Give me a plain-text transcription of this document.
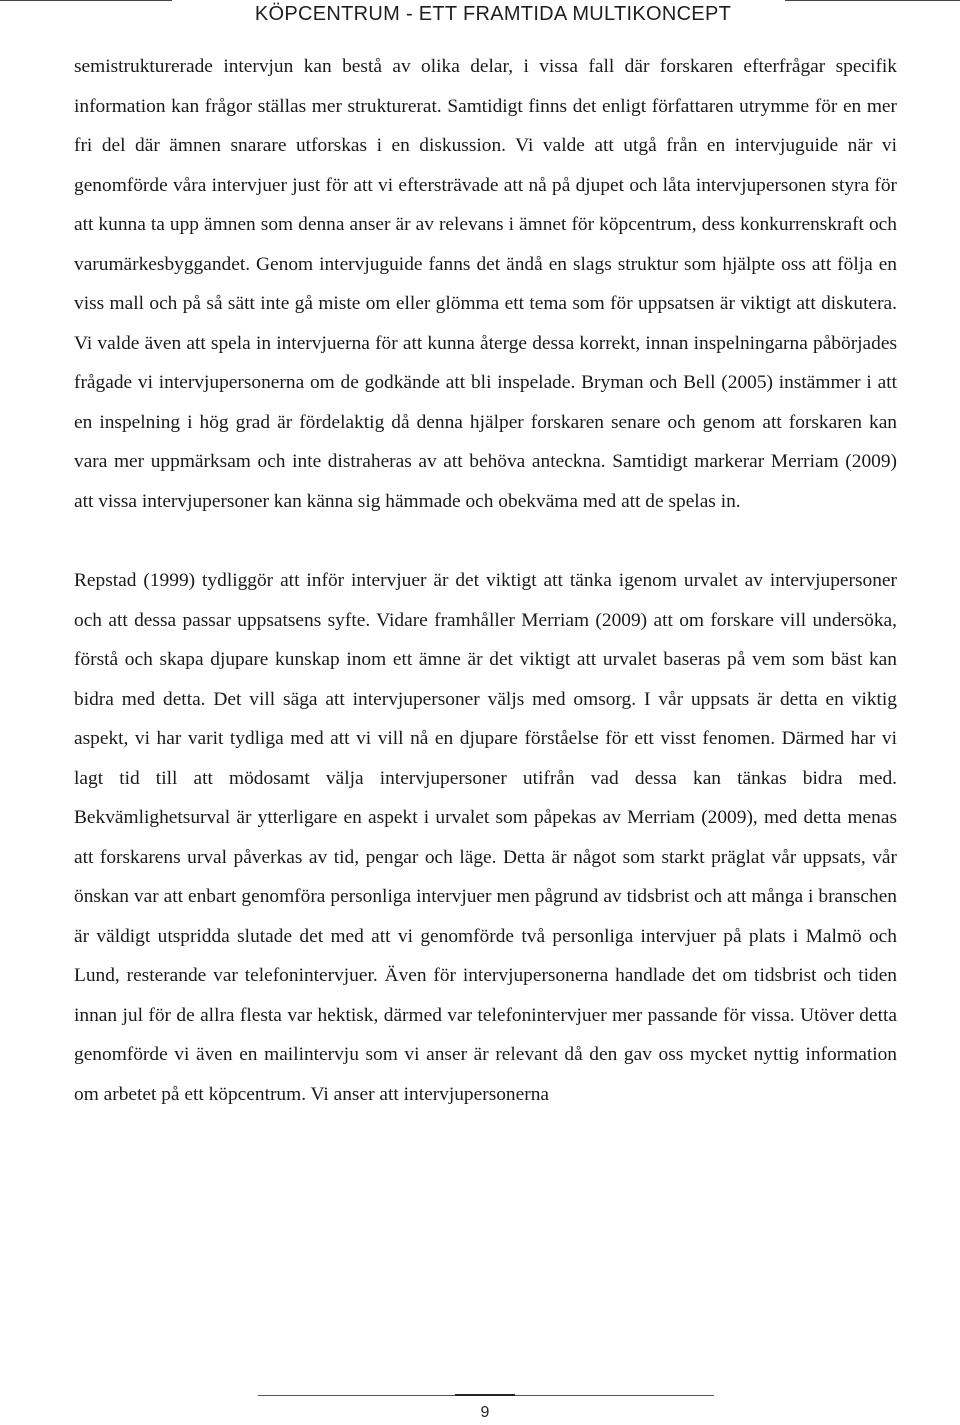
KÖPCENTRUM - ETT FRAMTIDA MULTIKONCEPT

semistrukturerade intervjun kan bestå av olika delar, i vissa fall där forskaren efterfrågar specifik information kan frågor ställas mer strukturerat. Samtidigt finns det enligt författaren utrymme för en mer fri del där ämnen snarare utforskas i en diskussion. Vi valde att utgå från en intervjuguide när vi genomförde våra intervjuer just för att vi eftersträvade att nå på djupet och låta intervjupersonen styra för att kunna ta upp ämnen som denna anser är av relevans i ämnet för köpcentrum, dess konkurrenskraft och varumärkesbyggandet. Genom intervjuguide fanns det ändå en slags struktur som hjälpte oss att följa en viss mall och på så sätt inte gå miste om eller glömma ett tema som för uppsatsen är viktigt att diskutera. Vi valde även att spela in intervjuerna för att kunna återge dessa korrekt, innan inspelningarna påbörjades frågade vi intervjupersonerna om de godkände att bli inspelade. Bryman och Bell (2005) instämmer i att en inspelning i hög grad är fördelaktig då denna hjälper forskaren senare och genom att forskaren kan vara mer uppmärksam och inte distraheras av att behöva anteckna. Samtidigt markerar Merriam (2009) att vissa intervjupersoner kan känna sig hämmade och obekväma med att de spelas in.

Repstad (1999) tydliggör att inför intervjuer är det viktigt att tänka igenom urvalet av intervjupersoner och att dessa passar uppsatsens syfte. Vidare framhåller Merriam (2009) att om forskare vill undersöka, förstå och skapa djupare kunskap inom ett ämne är det viktigt att urvalet baseras på vem som bäst kan bidra med detta. Det vill säga att intervjupersoner väljs med omsorg. I vår uppsats är detta en viktig aspekt, vi har varit tydliga med att vi vill nå en djupare förståelse för ett visst fenomen. Därmed har vi lagt tid till att mödosamt välja intervjupersoner utifrån vad dessa kan tänkas bidra med. Bekvämlighetsurval är ytterligare en aspekt i urvalet som påpekas av Merriam (2009), med detta menas att forskarens urval påverkas av tid, pengar och läge. Detta är något som starkt präglat vår uppsats, vår önskan var att enbart genomföra personliga intervjuer men pågrund av tidsbrist och att många i branschen är väldigt utspridda slutade det med att vi genomförde två personliga intervjuer på plats i Malmö och Lund, resterande var telefonintervjuer. Även för intervjupersonerna handlade det om tidsbrist och tiden innan jul för de allra flesta var hektisk, därmed var telefonintervjuer mer passande för vissa. Utöver detta genomförde vi även en mailintervju som vi anser är relevant då den gav oss mycket nyttig information om arbetet på ett köpcentrum. Vi anser att intervjupersonerna

9
